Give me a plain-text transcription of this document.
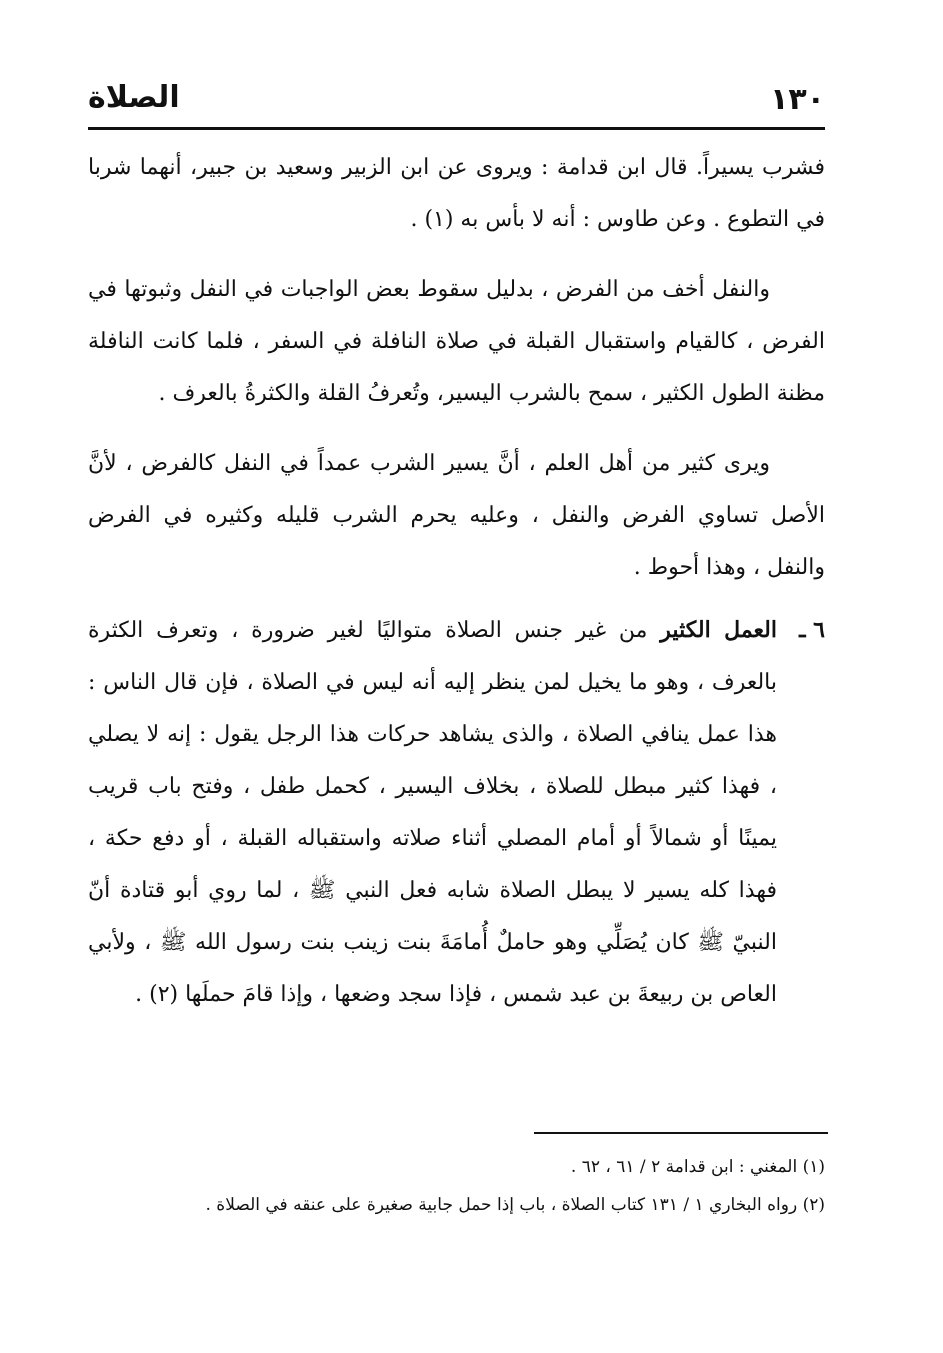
١٣٠
الصلاة

فشرب يسيراً. قال ابن قدامة : ويروى عن ابن الزبير وسعيد بن جبير، أنهما شربا في التطوع . وعن طاوس : أنه لا بأس به (١) .

والنفل أخف من الفرض ، بدليل سقوط بعض الواجبات في النفل وثبوتها في الفرض ، كالقيام واستقبال القبلة في صلاة النافلة في السفر ، فلما كانت النافلة مظنة الطول الكثير ، سمح بالشرب اليسير، وتُعرفُ القلة والكثرةُ بالعرف .

ويرى كثير من أهل العلم ، أنَّ يسير الشرب عمداً في النفل كالفرض ، لأنَّ الأصل تساوي الفرض والنفل ، وعليه يحرم الشرب قليله وكثيره في الفرض والنفل ، وهذا أحوط .

٦ ـ
العمل الكثير من غير جنس الصلاة متواليًا لغير ضرورة ، وتعرف الكثرة بالعرف ، وهو ما يخيل لمن ينظر إليه أنه ليس في الصلاة ، فإن قال الناس : هذا عمل ينافي الصلاة ، والذى يشاهد حركات هذا الرجل يقول : إنه لا يصلي ، فهذا كثير مبطل للصلاة ، بخلاف اليسير ، كحمل طفل ، وفتح باب قريب يمينًا أو شمالاً أو أمام المصلي أثناء صلاته واستقباله القبلة ، أو دفع حكة ، فهذا كله يسير لا يبطل الصلاة شابه فعل النبي ﷺ ، لما روي أبو قتادة أنّ النبيّ ﷺ كان يُصَلِّي وهو حاملٌ أُمامَةَ بنت زينب بنت رسول الله ﷺ ، ولأبي العاص بن ربيعةَ بن عبد شمس ، فإذا سجد وضعها ، وإذا قامَ حملَها (٢) .

(١) المغني : ابن قدامة ٢ / ٦١ ، ٦٢ .

(٢) رواه البخاري ١ / ١٣١ كتاب الصلاة ، باب إذا حمل جابية صغيرة على عنقه في الصلاة .
